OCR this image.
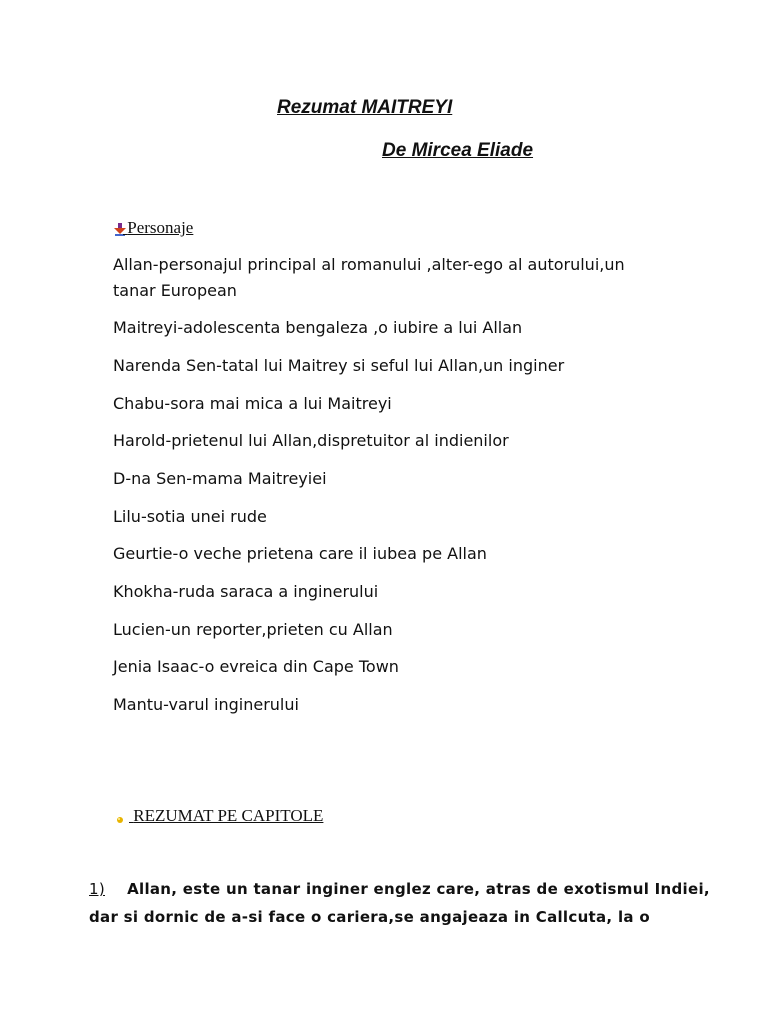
Rezumat MAITREYI
De Mircea Eliade
Personaje
Allan-personajul principal al romanului ,alter-ego al autorului,un
tanar European
Maitreyi-adolescenta bengaleza ,o iubire a lui Allan
Narenda Sen-tatal lui Maitrey si seful lui Allan,un inginer
Chabu-sora mai mica a lui Maitreyi
Harold-prietenul lui Allan,dispretuitor al indienilor
D-na Sen-mama Maitreyiei
Lilu-sotia unei rude
Geurtie-o veche prietena care il iubea pe Allan
Khokha-ruda saraca a inginerului
Lucien-un reporter,prieten cu Allan
Jenia Isaac-o evreica din Cape Town
Mantu-varul inginerului
REZUMAT PE CAPITOLE
1) Allan, este un tanar inginer englez care, atras de exotismul Indiei,
dar si dornic de a-si face o cariera,se angajeaza in Callcuta, la o
